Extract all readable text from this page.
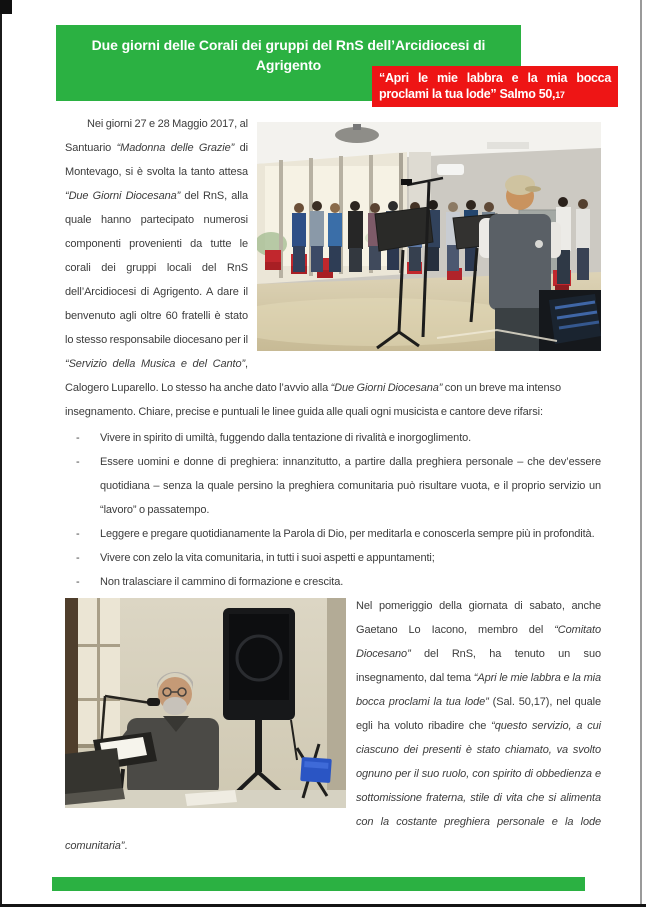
Due giorni delle Corali dei gruppi del RnS dell’Arcidiocesi di
Agrigento
“Apri le mie labbra e la mia bocca proclami la tua lode” Salmo 50,17
Nei giorni 27 e 28 Maggio 2017, al Santuario “Madonna delle Grazie” di Montevago, si è svolta la tanto attesa “Due Giorni Diocesana” del RnS, alla quale hanno partecipato numerosi componenti provenienti da tutte le corali dei gruppi locali del RnS dell’Arcidiocesi di Agrigento. A dare il benvenuto agli oltre 60 fratelli è stato lo stesso responsabile diocesano per il “Servizio della Musica e del Canto”, Calogero Luparello. Lo stesso ha anche dato l’avvio alla “Due Giorni Diocesana” con un breve ma intenso
insegnamento. Chiare, precise e puntuali le linee guida alle quali ogni musicista e cantore deve rifarsi:
- Vivere in spirito di umiltà, fuggendo dalla tentazione di rivalità e inorgoglimento.
- Essere uomini e donne di preghiera: innanzitutto, a partire dalla preghiera personale – che dev’essere quotidiana – senza la quale persino la preghiera comunitaria può risultare vuota, e il proprio servizio un “lavoro” o passatempo.
- Leggere e pregare quotidianamente la Parola di Dio, per meditarla e conoscerla sempre più in profondità.
- Vivere con zelo la vita comunitaria, in tutti i suoi aspetti e appuntamenti;
- Non tralasciare il cammino di formazione e crescita.
Nel pomeriggio della giornata di sabato, anche Gaetano Lo Iacono, membro del “Comitato Diocesano” del RnS, ha tenuto un suo insegnamento, dal tema “Apri le mie labbra e la mia bocca proclami la tua lode” (Sal. 50,17), nel quale egli ha voluto ribadire che “questo servizio, a cui ciascuno dei presenti è stato chiamato, va svolto ognuno per il suo ruolo, con spirito di obbedienza e sottomissione fraterna, stile di vita che si alimenta con la costante preghiera personale e la lode comunitaria”.
